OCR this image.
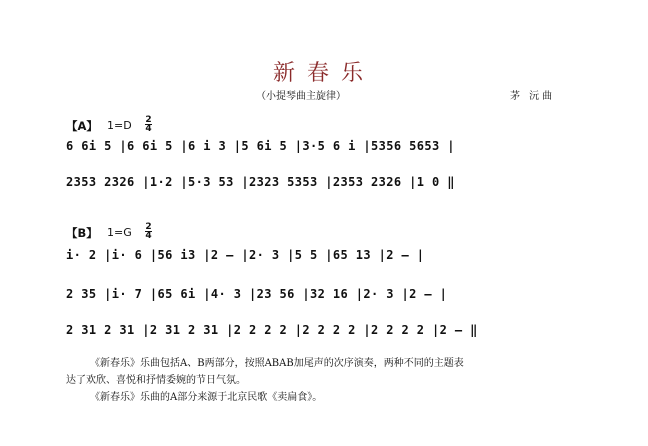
新春乐
（小提琴曲主旋律）	茅 沅曲
【A】 1=D 2
4
6 6i 5 |6 6i 5 |6 i 3 |5 6i 5 |3·5 6 i |5356 5653 |
2353 2326 |1·2 |5·3 53 |2323 5353 |2353 2326 |1 0 ‖
【B】 1=G 2
4
i· 2 |i· 6 |56 i3 |2 – |2· 3 |5 5 |65 13 |2 – |
2 35 |i· 7 |65 6i |4· 3 |23 56 |32 16 |2· 3 |2 – |
2 31 2 31 |2 31 2 31 |2 2 2 2 |2 2 2 2 |2 2 2 2 |2 – ‖
《新春乐》乐曲包括A、B两部分，按照ABAB加尾声的次序演奏，两种不同的主题表
达了欢欣、喜悦和抒情委婉的节日气氛。
《新春乐》乐曲的A部分来源于北京民歌《卖扁食》。
